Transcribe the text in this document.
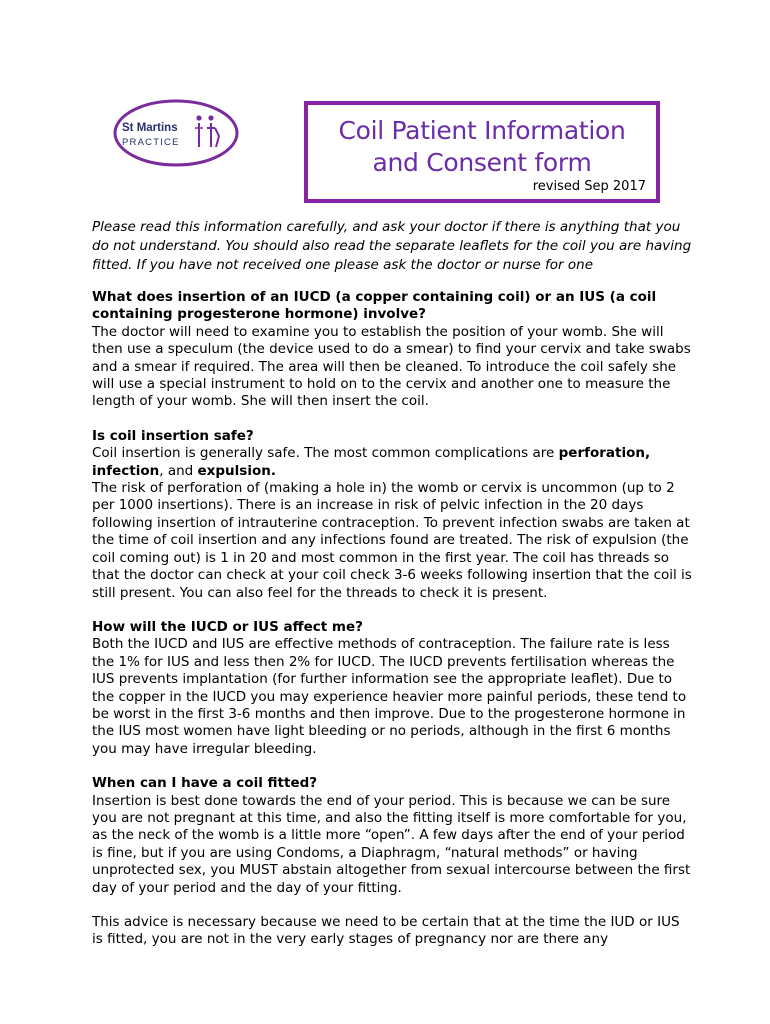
St Martins
PRACTICE	Coil Patient Information
and Consent form
revised Sep 2017
Please read this information carefully, and ask your doctor if there is anything that you do not understand. You should also read the separate leaflets for the coil you are having fitted. If you have not received one please ask the doctor or nurse for one
What does insertion of an IUCD (a copper containing coil) or an IUS (a coil containing progesterone hormone) involve?
The doctor will need to examine you to establish the position of your womb. She will then use a speculum (the device used to do a smear) to find your cervix and take swabs and a smear if required. The area will then be cleaned. To introduce the coil safely she will use a special instrument to hold on to the cervix and another one to measure the length of your womb. She will then insert the coil.
Is coil insertion safe?
Coil insertion is generally safe. The most common complications are perforation, infection, and expulsion.
The risk of perforation of (making a hole in) the womb or cervix is uncommon (up to 2 per 1000 insertions). There is an increase in risk of pelvic infection in the 20 days following insertion of intrauterine contraception. To prevent infection swabs are taken at the time of coil insertion and any infections found are treated. The risk of expulsion (the coil coming out) is 1 in 20 and most common in the first year. The coil has threads so that the doctor can check at your coil check 3-6 weeks following insertion that the coil is still present. You can also feel for the threads to check it is present.
How will the IUCD or IUS affect me?
Both the IUCD and IUS are effective methods of contraception. The failure rate is less the 1% for IUS and less then 2% for IUCD. The IUCD prevents fertilisation whereas the IUS prevents implantation (for further information see the appropriate leaflet). Due to the copper in the IUCD you may experience heavier more painful periods, these tend to be worst in the first 3-6 months and then improve. Due to the progesterone hormone in the IUS most women have light bleeding or no periods, although in the first 6 months you may have irregular bleeding.
When can I have a coil fitted?
Insertion is best done towards the end of your period. This is because we can be sure you are not pregnant at this time, and also the fitting itself is more comfortable for you, as the neck of the womb is a little more “open”. A few days after the end of your period is fine, but if you are using Condoms, a Diaphragm, “natural methods” or having unprotected sex, you MUST abstain altogether from sexual intercourse between the first day of your period and the day of your fitting.
This advice is necessary because we need to be certain that at the time the IUD or IUS is fitted, you are not in the very early stages of pregnancy nor are there any
